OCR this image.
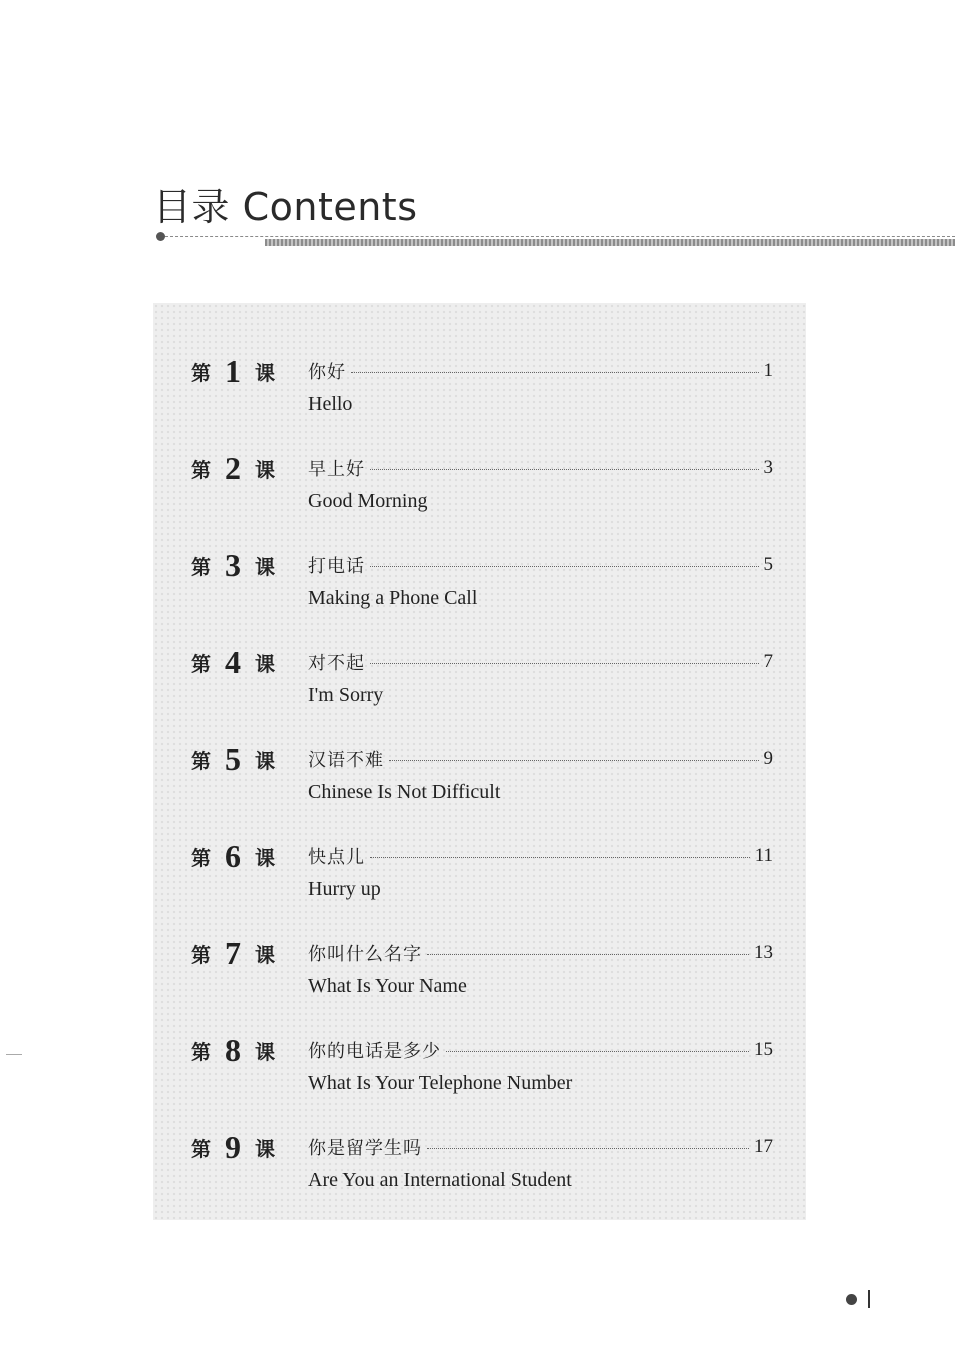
目录 Contents
第 1 课 你好	1
Hello
第 2 课 早上好	3
Good Morning
第 3 课 打电话	5
Making a Phone Call
第 4 课 对不起	7
I'm Sorry
第 5 课 汉语不难	9
Chinese Is Not Difficult
第 6 课 快点儿	11
Hurry up
第 7 课 你叫什么名字	13
What Is Your Name
第 8 课 你的电话是多少	15
What Is Your Telephone Number
第 9 课 你是留学生吗	17
Are You an International Student
